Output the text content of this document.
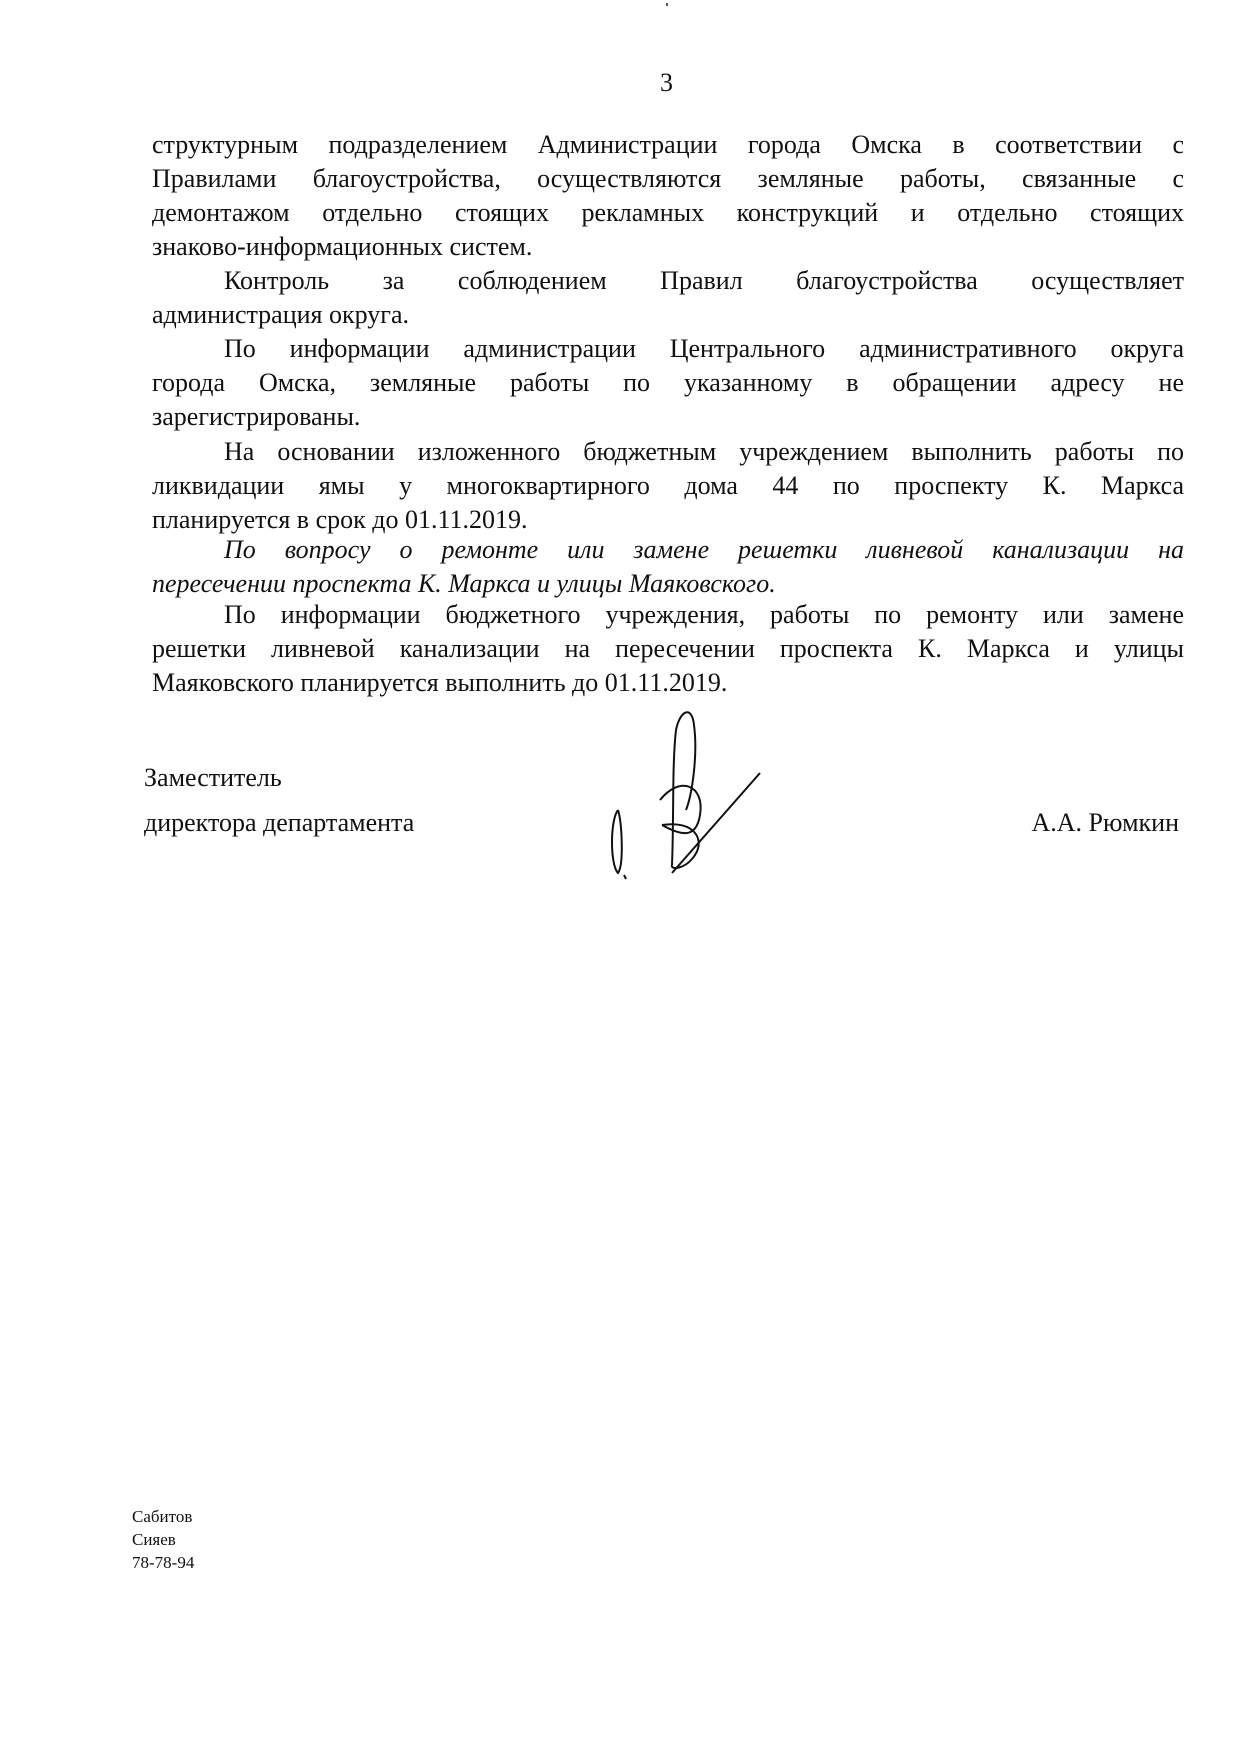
3
структурным подразделением Администрации города Омска в соответствии с
Правилами благоустройства, осуществляются земляные работы, связанные с
демонтажом отдельно стоящих рекламных конструкций и отдельно стоящих
знаково-информационных систем.
Контроль за соблюдением Правил благоустройства осуществляет
администрация округа.
По информации администрации Центрального административного округа
города Омска, земляные работы по указанному в обращении адресу не
зарегистрированы.
На основании изложенного бюджетным учреждением выполнить работы по
ликвидации ямы у многоквартирного дома 44 по проспекту К. Маркса
планируется в срок до 01.11.2019.
По вопросу о ремонте или замене решетки ливневой канализации на
пересечении проспекта К. Маркса и улицы Маяковского.
По информации бюджетного учреждения, работы по ремонту или замене
решетки ливневой канализации на пересечении проспекта К. Маркса и улицы
Маяковского планируется выполнить до 01.11.2019.
Заместитель
директора департамента	А.А. Рюмкин
Сабитов
Сияев
78-78-94
